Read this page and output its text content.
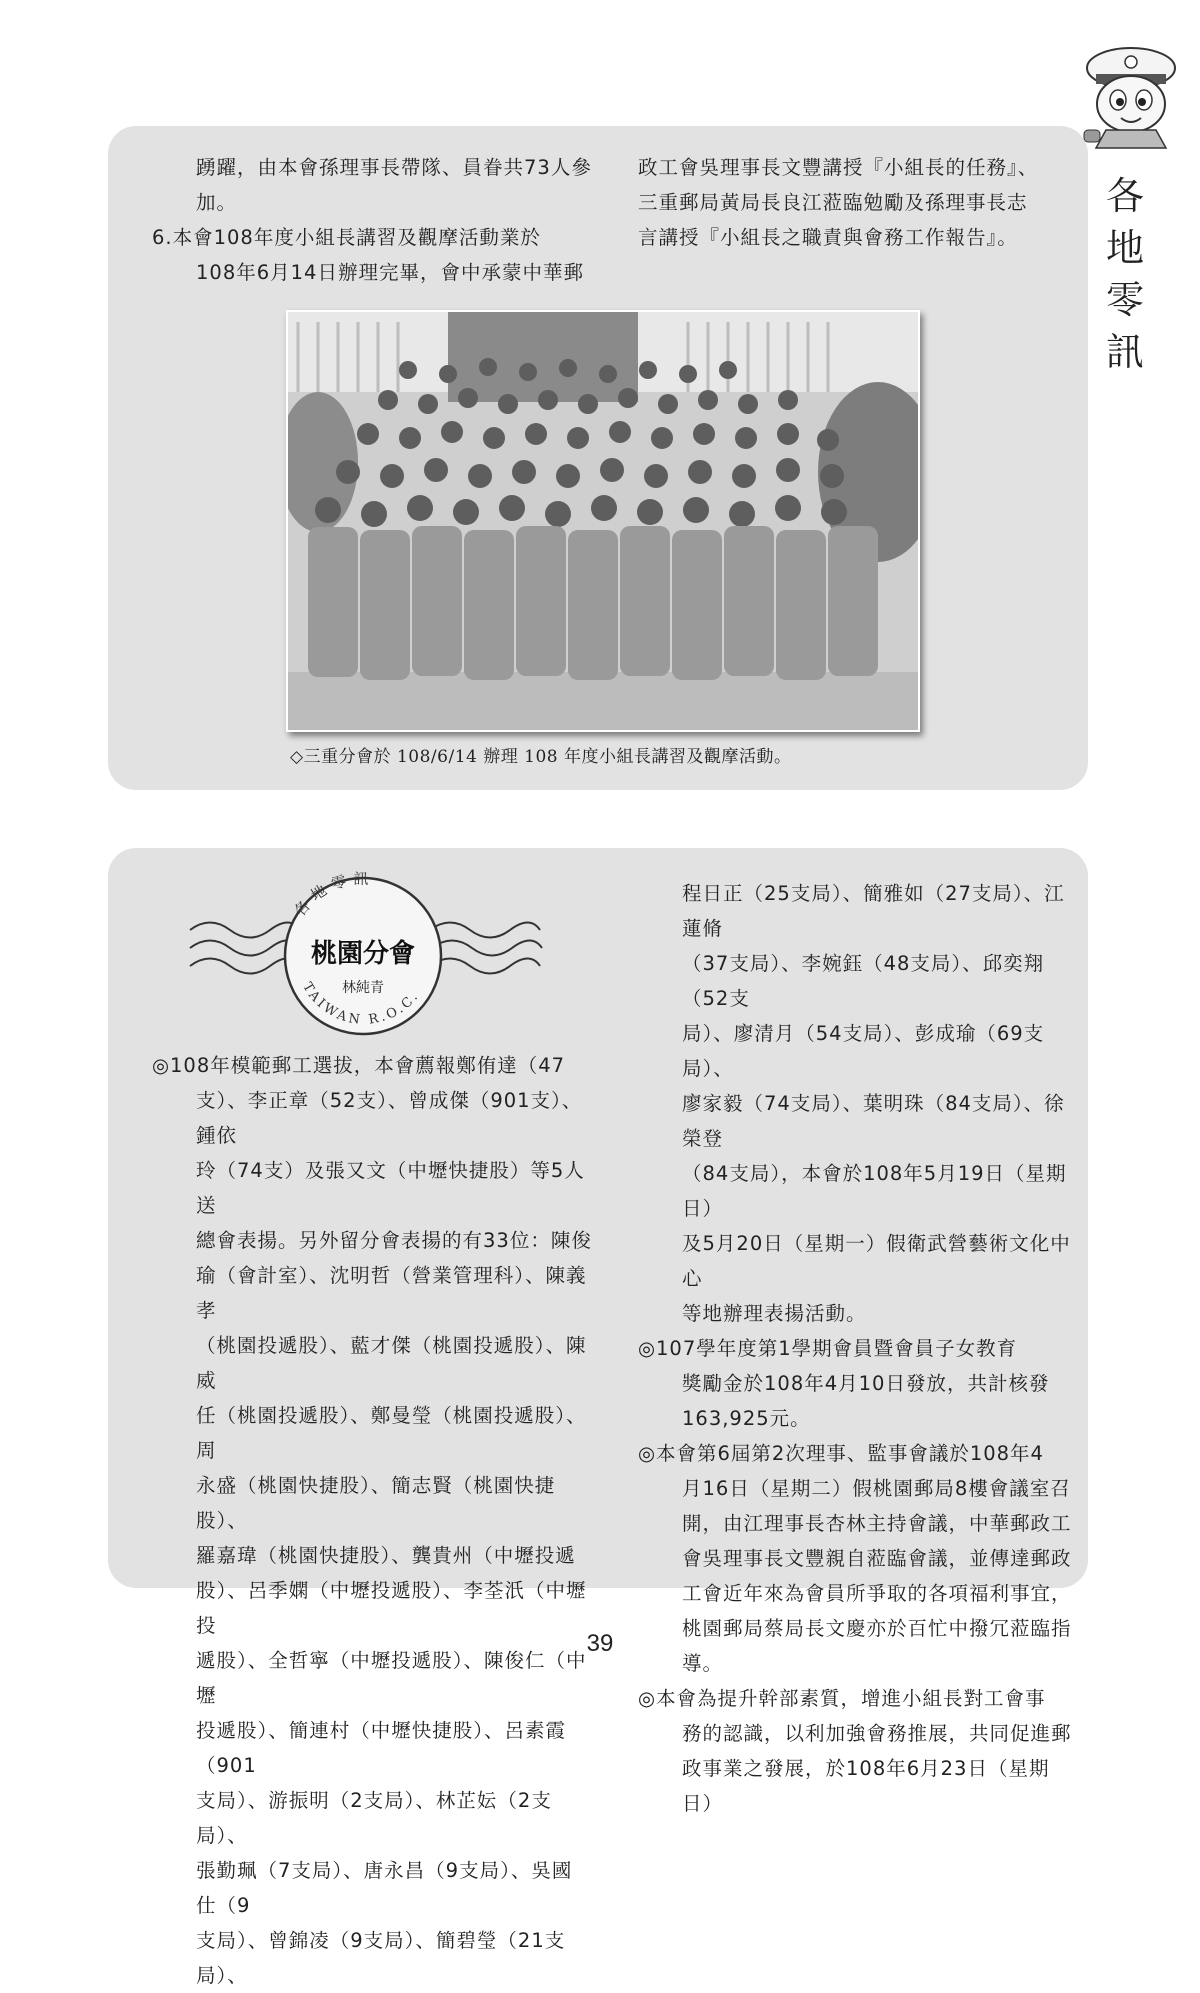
各
地
零
訊

踴躍，由本會孫理事長帶隊、員眷共73人參

加。

6.本會108年度小組長講習及觀摩活動業於

108年6月14日辦理完畢，會中承蒙中華郵

政工會吳理事長文豐講授『小組長的任務』、

三重郵局黃局長良江蒞臨勉勵及孫理事長志

言講授『小組長之職責與會務工作報告』。

◇三重分會於 108/6/14 辦理 108 年度小組長講習及觀摩活動。
各地零訊
桃園分會
林純青
TAIWAN R.O.C.

◎108年模範郵工選拔，本會薦報鄭侑達（47

支）、李正章（52支）、曾成傑（901支）、鍾依

玲（74支）及張又文（中壢快捷股）等5人送

總會表揚。另外留分會表揚的有33位：陳俊

瑜（會計室）、沈明哲（營業管理科）、陳義孝

（桃園投遞股）、藍才傑（桃園投遞股）、陳威

任（桃園投遞股）、鄭曼瑩（桃園投遞股）、周

永盛（桃園快捷股）、簡志賢（桃園快捷股）、

羅嘉瑋（桃園快捷股）、龔貴州（中壢投遞

股）、呂季嫻（中壢投遞股）、李荃汦（中壢投

遞股）、全哲寧（中壢投遞股）、陳俊仁（中壢

投遞股）、簡連村（中壢快捷股）、呂素霞（901

支局）、游振明（2支局）、林芷妘（2支局）、

張勤珮（7支局）、唐永昌（9支局）、吳國仕（9

支局）、曾錦凌（9支局）、簡碧瑩（21支局）、

程日正（25支局）、簡雅如（27支局）、江蓮脩

（37支局）、李婉鈺（48支局）、邱奕翔（52支

局）、廖清月（54支局）、彭成瑜（69支局）、

廖家毅（74支局）、葉明珠（84支局）、徐榮登

（84支局），本會於108年5月19日（星期日）

及5月20日（星期一）假衛武營藝術文化中心

等地辦理表揚活動。

◎107學年度第1學期會員暨會員子女教育

獎勵金於108年4月10日發放，共計核發

163,925元。

◎本會第6屆第2次理事、監事會議於108年4

月16日（星期二）假桃園郵局8樓會議室召

開，由江理事長杏林主持會議，中華郵政工

會吳理事長文豐親自蒞臨會議，並傳達郵政

工會近年來為會員所爭取的各項福利事宜，

桃園郵局蔡局長文慶亦於百忙中撥冗蒞臨指

導。

◎本會為提升幹部素質，增進小組長對工會事

務的認識，以利加強會務推展，共同促進郵

政事業之發展，於108年6月23日（星期日）

39
